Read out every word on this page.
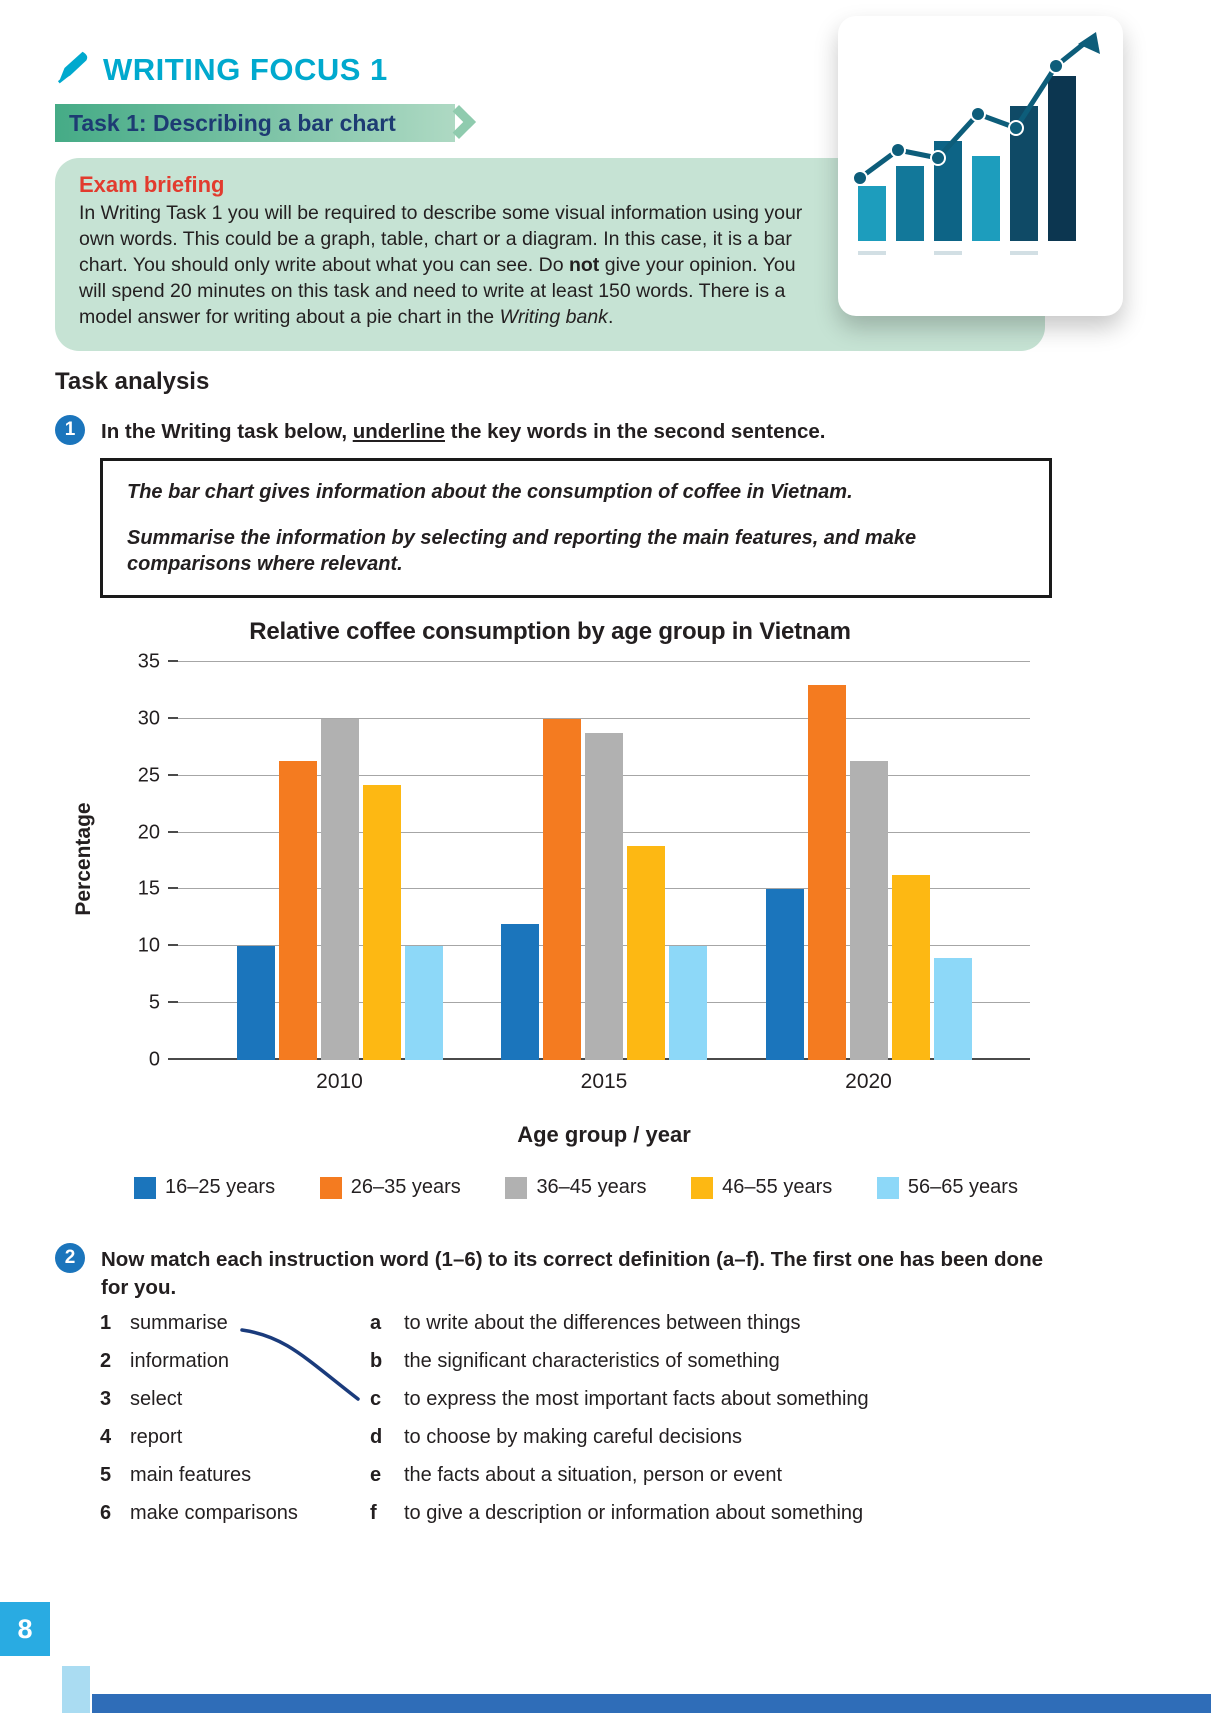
WRITING FOCUS 1
Task 1: Describing a bar chart
Exam briefing

In Writing Task 1 you will be required to describe some visual information using your own words. This could be a graph, table, chart or a diagram. In this case, it is a bar chart. You should only write about what you can see. Do not give your opinion. You will spend 20 minutes on this task and need to write at least 150 words. There is a model answer for writing about a pie chart in the Writing bank.

Task analysis
1	In the Writing task below, underline the key words in the second sentence.

The bar chart gives information about the consumption of coffee in Vietnam.

Summarise the information by selecting and reporting the main features, and make comparisons where relevant.

Relative coffee consumption by age group in Vietnam
Percentage
0
5
10
15
20
25
30
35
2010	2015	2020
Age group / year
16–25 years	26–35 years	36–45 years	46–55 years	56–65 years
2	Now match each instruction word (1–6) to its correct definition (a–f). The first one has been done for you.
1 summarise	a	to write about the differences between things
2 information	b	the significant characteristics of something
3 select	c	to express the most important facts about something
4 report	d	to choose by making careful decisions
5 main features	e	the facts about a situation, person or event
6 make comparisons	f	to give a description or information about something
8
